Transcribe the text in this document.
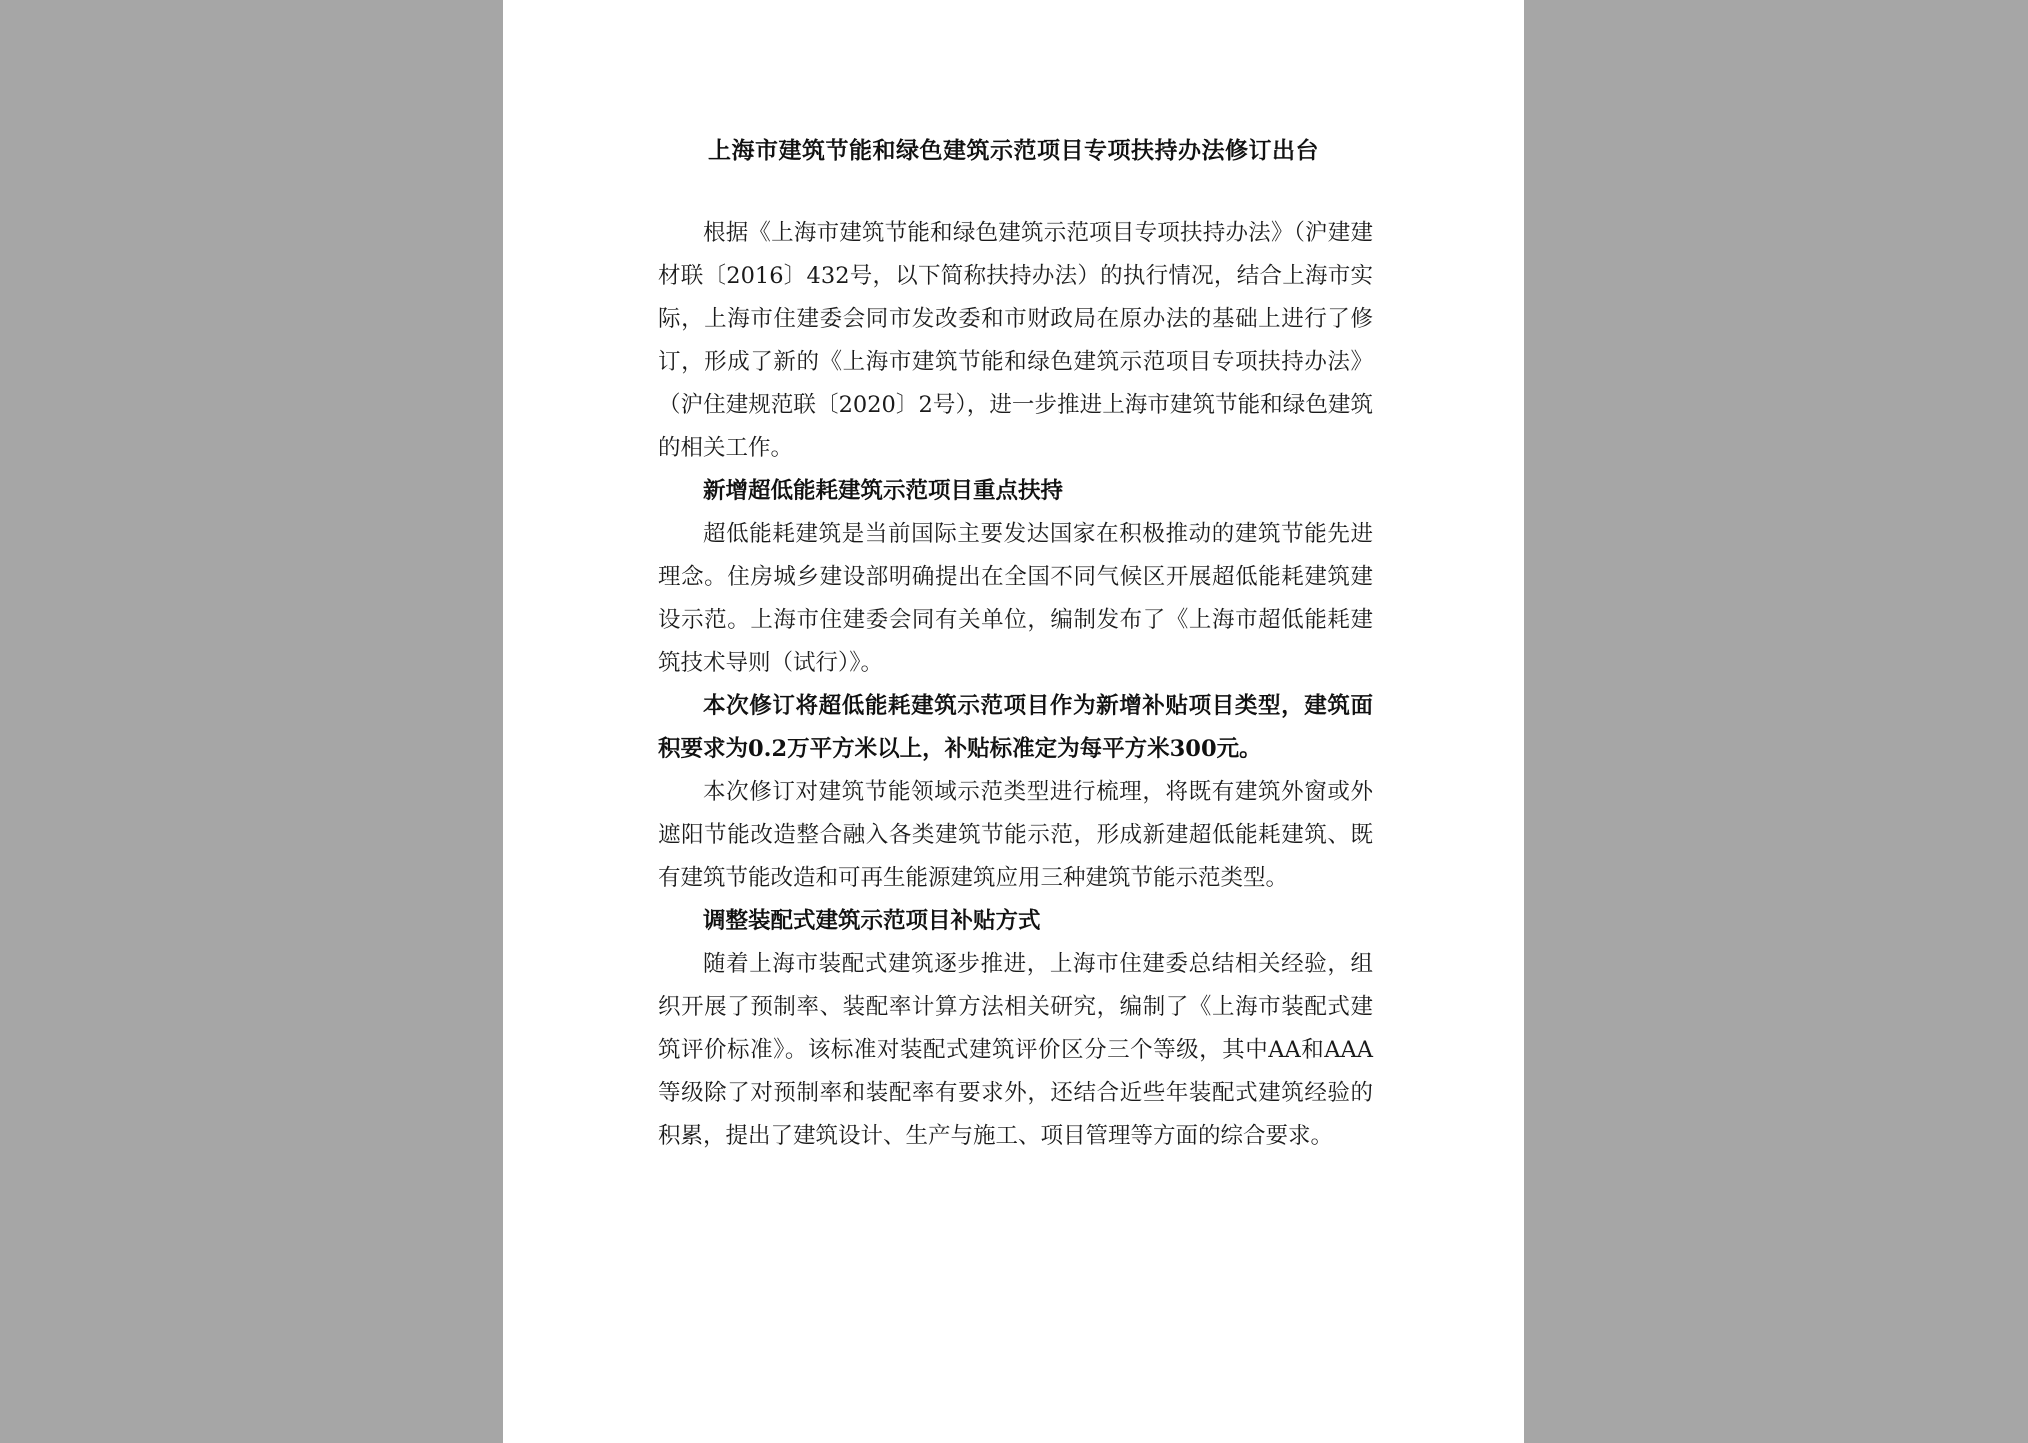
上海市建筑节能和绿色建筑示范项目专项扶持办法修订出台

根据《上海市建筑节能和绿色建筑示范项目专项扶持办法》（沪建建材联〔2016〕432号，以下简称扶持办法）的执行情况，结合上海市实际，上海市住建委会同市发改委和市财政局在原办法的基础上进行了修订，形成了新的《上海市建筑节能和绿色建筑示范项目专项扶持办法》（沪住建规范联〔2020〕2号），进一步推进上海市建筑节能和绿色建筑的相关工作。

新增超低能耗建筑示范项目重点扶持

超低能耗建筑是当前国际主要发达国家在积极推动的建筑节能先进理念。住房城乡建设部明确提出在全国不同气候区开展超低能耗建筑建设示范。上海市住建委会同有关单位，编制发布了《上海市超低能耗建筑技术导则（试行）》。

本次修订将超低能耗建筑示范项目作为新增补贴项目类型，建筑面积要求为0.2万平方米以上，补贴标准定为每平方米300元。

本次修订对建筑节能领域示范类型进行梳理，将既有建筑外窗或外遮阳节能改造整合融入各类建筑节能示范，形成新建超低能耗建筑、既有建筑节能改造和可再生能源建筑应用三种建筑节能示范类型。

调整装配式建筑示范项目补贴方式

随着上海市装配式建筑逐步推进，上海市住建委总结相关经验，组织开展了预制率、装配率计算方法相关研究，编制了《上海市装配式建筑评价标准》。该标准对装配式建筑评价区分三个等级，其中AA和AAA等级除了对预制率和装配率有要求外，还结合近些年装配式建筑经验的积累，提出了建筑设计、生产与施工、项目管理等方面的综合要求。
